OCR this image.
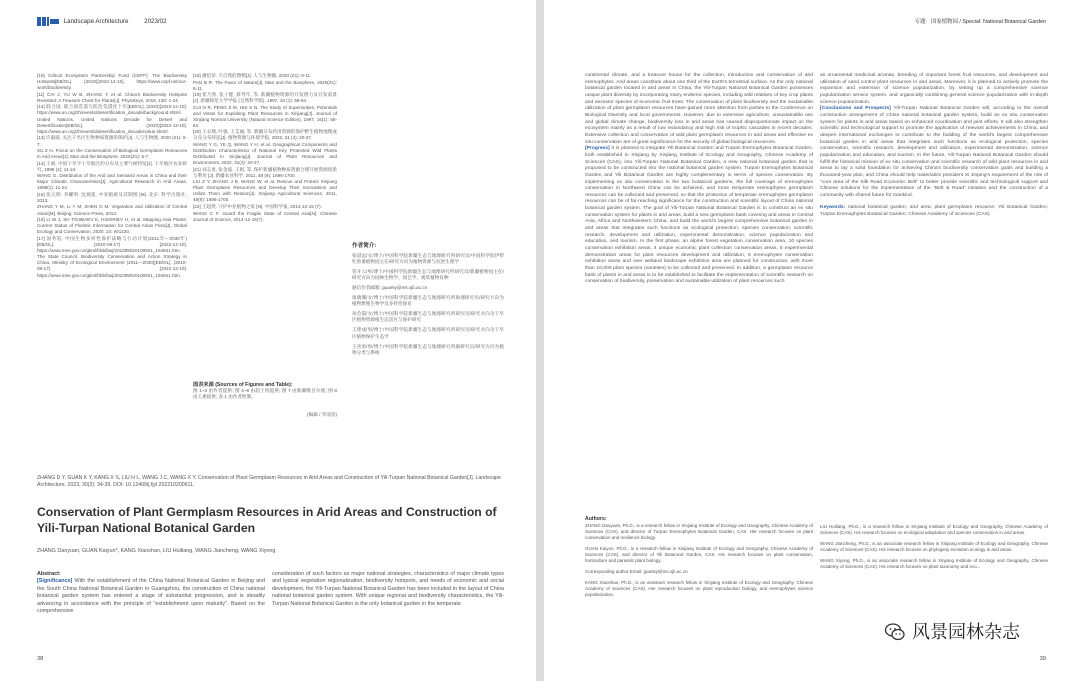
Landscape Architecture	2023/02
[10] Critical Ecosystem Partnership Fund (CEPF). The Biodiversity Hotspots[EB/OL]. (2019)[2022-12-10]. https://www.cepf.net/our-work/biodiversity.
[11] CAI J, YU W B, ZHANG T, et al. China's Biodiversity Hotspots Revisited: A Treasure Chest for Plants[J]. Phytokeys, 2019, 130: 1-24.
[12] 联合国. 联合国荒漠与防治荒漠化十年[EB/OL]. (2020)[2022-12-10]. https://www.un.org/zh/events/desertification_decade/background.shtml.
United Nations. United Nations Decade for Desert and Desertification[EB/OL]. (2020)[2022-12-10]. https://www.un.org/zh/events/desertification_decade/value.shtml.
[13] 许毅波. 关注干旱区生物种质资源的保护[J]. 人与生物圈, 2020 (21): 6-7.
XU Z H. Focus on the Conservation of Biological Germplasm Resources in Arid Areas[J]. Man and the Biosphere, 2020(Z1): 6-7.
[14] 王娟. 中国干旱半干旱地区的分布及主要气候特征[J]. 干旱地区农业研究, 1998 (1): 11-24.
WANG G. Distribution of the Arid and Semiarid Areas in China and their Major Climatic Characteristics[J]. Agricultural Research in Arid Areas, 1998(1): 11-24.
[15] 张元明. 李耀明. 沈观冕. 中亚植被及其制图 [M]. 北京: 科学出版社, 2013.
ZHANG Y M, LI Y M, SHEN G M. Vegetation and Utilization of Central Asian[M]. Beijing: Science Press, 2013.
[16] LI W J, SH TOJIBAEV K, HISORIEV H, et al. Mapping Asia Plants: Current Status of Floristic Information for Central Asian Flora[J]. Global Ecology and Conservation, 2020, 24: e01220.
[17] 国务院. 中国生物多样性保护战略与行动计划(2011年—2030年) [EB/OL]. (2010-09-17) [2022-12-10]. https://www.mee.gov.cn/gkml/hbb/bwj/201009/t20100921_194841.htm.
The State Council. Biodiversity Conservation and Action Strategy in China, Ministry of Ecological Environment (2011—2030)[EB/OL]. (2010-09-17) [2022-12-10]. https://www.mee.gov.cn/gkml/hbb/bwj/201009/t20100921_194841.htm.
[18] 潘伯荣. 大自然的馈赠[J]. 人与生物圈, 2020 (Z1): 8-11.
PAN B R. The Favor of Nature[J]. Man and the Biosphere, 2020(Z1): 8-11.
[19] 崔乃然, 张子健, 蔡寿年, 等. 新疆植物资源的开发潜力及开发前景[J]. 新疆师范大学学报 (自然科学版), 1997, 16 (1): 58-64.
CUI N R, PENG Z M, HUI S N. The Study of Superiorities, Potentials and Vistas for Exploiting Plant Resources in Xinjiang[J]. Journal of Xinjiang Normal University (Natural Science Edition), 1997, 16(1): 58-64.
[20] 王永翔, 叶强, 王艾丽, 等. 新疆分布药用资源的保护野生植物地理成分及分布特征[J]. 植物资源与环境学报, 2022, 31 (4): 20-27.
WANG Y G, YE Q, WANG Y H, et al. Geographical Components and Distribution Characteristics of National Key Protected Wild Plants Distributed in Xinjiang[J]. Journal of Plant Resources and Environment, 2022, 31(4): 20-27.
[21] 刘志勇, 张金波, 王娟, 等. 保护新疆植物种质资源合理开展资源创新与利用 [J]. 新疆农业科学, 2011, 48 (9): 1696-1700.
LIU Z Y, ZHANG J B, WANG W, et al. Rescue and Protect Xinjiang Plant Germplasm Resources and Develop Their Innovations and Utilize Them with Reason[J]. Xinjiang Agricultural Sciences, 2011, 48(9): 1696-1700.
[22] 王超然. 守护中亚植物之家 [N]. 中国科学报, 2014-12-15 (7).
WANG C F. Guard the Fragile State of Central Asia[N]. Chinese Journal of Science, 2014-12-15(7).
图表来源 (Sources of Figures and Table):
图 1~3 由作者提供; 图 4~6 由超土机提供; 图 7 由新疆维吾尔族; 图 8 由王惠提供; 表 1 由作者绘制。
(编辑 / 李清清)
作者简介:
张道远/女/博士/中国科学院新疆生态与地理研究所研究员/中国科学院伊犁吐鲁番植物园主任/研究方向为植物资源与抗逆生理学
管开云/男/博士/中国科学院新疆生态与地理研究所研究员/新疆植物园主任/研究方向为园林生物学、园艺学、观赏植物育种
通信作者邮箱: guanky@ms.xjb.ac.cn
康晓珊/女/博士/中国科学院新疆生态与地理研究所助理研究员/研究方向为植物繁殖生物学及多样性保育
孙会霞/女/博士/中国科学院新疆生态与地理研究所研究员/研究方向为干旱区植物资源植生态适应与保护研究
王建成/男/博士/中国科学院新疆生态与地理研究所研究员/研究方向为干旱区植物保护生态学
王喜勇/男/博士/中国科学院新疆生态与地理研究所副研究员/研究方向为植物分类与系统
ZHANG D Y, GUAN K Y, KANG X S, LIU H L, WANG J C, WANG X Y. Conservation of Plant Germplasm Resources in Arid Areas and Construction of Yili-Turpan National Botanical Garden[J]. Landscape Architecture, 2023, 30(2): 34-39. DOI: 10.12409/j.fjyl.202210200611.
Conservation of Plant Germplasm Resources in Arid Areas and Construction of Yili-Turpan National Botanical Garden
ZHANG Daoyuan, GUAN Kaiyun*, KANG Xiaoshan, LIU Huiliang, WANG Jiancheng, WANG Xiyong
Abstract:
[Significance] With the establishment of the China National Botanical Garden in Beijing and the South China National Botanical Garden in Guangzhou, the construction of China national botanical garden system has entered a stage of substantial progression, and is steadily advancing in accordance with the principle of "establishment upon maturity". Based on the comprehensive
consideration of such factors as major national strategies, characteristics of major climate types and typical vegetation regionalization, biodiversity hotspots, and needs of economic and social development, the Yili-Turpan National Botanical Garden has been included in the layout of China national botanical garden system. With unique regional and biodiversity characteristics, the Yili-Turpan National Botanical Garden is the only botanical garden in the temperate
38
专题：国家植物园 / Special: National Botanical Garden

continental climate, and a treasure house for the collection, introduction and conservation of arid eremophytes. And areas constitute about one third of the Earth's terrestrial surface. As the only national botanical garden located in arid areas in China, the Yili-Turpan National Botanical Garden possesses unique plant diversity by incorporating many endemic species, including wild relatives of key crop plants and ancestor species of economic fruit trees. The conservation of plant biodiversity and the sustainable utilization of plant germplasm resources have gained more attention from parties to the Conference on Biological Diversity and local governments. However, due to extensive agriculture, unsustainable use and global climate change, biodiversity loss in arid areas has caused disproportionate impact on the ecosystem mainly as a result of low redundancy and high risk of trophic cascades in recent decades. Extensive collection and conservation of wild plant germplasm resources in arid areas and effective ex situ conservation are of great significance for the security of global biological resources.

[Progress] It is planned to integrate Yili Botanical Garden and Turpan Eremophytes Botanical Garden, both established in Xinjiang by Xinjiang Institute of Ecology and Geography, Chinese Academy of Sciences (CAS), into Yili-Turpan National Botanical Garden, a new national botanical garden that is proposed to be constructed into the national botanical garden system. Turpan Eremophytes Botanical Garden and Yili Botanical Garden are highly complementary in terms of species conservation. By implementing ex situ conservation in the two botanical gardens, the full coverage of eremophytes conservation in Northwest China can be achieved, and more temperate eremophytes germplasm resources can be collected and preserved, so that the protection of temperate eremophytes germplasm resources can be of far-reaching significance for the construction and scientific layout of China national botanical garden system. The goal of Yili-Turpan National Botanical Garden is to construct an ex situ conservation system for plants in arid areas, build a new germplasm bank covering arid areas in Central Asia, Africa and Northwestern China, and build the world's largest comprehensive botanical garden in arid areas that integrates such functions as ecological protection, species conservation, scientific research, development and utilization, experimental demonstration, science popularization and education, and tourism. In the first phase, an alpine forest vegetation conservation area, 10 species conservation exhibition areas, 4 unique economic plant collection conservation areas, 5 experimental demonstration areas for plant resources development and utilization, 5 eremophytes conservation exhibition areas and over wetland landscape exhibition area are planned for construction, with more than 10,000 plant species (varieties) to be collected and preserved. In addition, a germplasm resource bank of plants in arid areas is to be established to facilitate the implementation of scientific research on conservation of biodiversity, preservation and sustainable utilization of plant resources such

as ornamental medicinal aromas, breeding of important forest fruit resources, and development and utilization of sand control plant resources in arid areas. Moreover, it is planned to actively promote the expansion and extension of science popularization, by setting up a comprehensive science popularization service system, and organically combining general science popularization with in-depth science popularization.

[Conclusions and Prospects] Yili-Turpan National Botanical Garden will, according to the overall construction arrangement of China national botanical garden system, build an ex situ conservation system for plants in arid areas based on enhanced coordination and joint efforts. It will also strengthen scientific and technological support to promote the application of relevant achievements in China, and deepen international exchanges to contribute to the building of the world's largest comprehensive botanical garden in arid areas that integrates such functions as ecological protection, species conservation, scientific research, development and utilization, experimental demonstration, science popularization and education, and tourism. In the future, Yili-Turpan National Botanical Garden should fulfill the historical mission of ex situ conservation and scientific research of wild plant resources in arid areas to lay a solid foundation for achieving China's biodiversity conservation goals and building a thousand-year plan, and China should help materialize president Xi Jinping's requirement of the role of "core area of the Silk Road Economic Belt" to better provide scientific and technological support and Chinese solutions for the implementation of the "Belt & Road" initiative and the construction of a community with shared future for mankind.

Keywords: national botanical garden; arid area; plant germplasm resource; Yili Botanical Garden; Turpan Eremophytes Botanical Garden; Chinese Academy of Sciences (CAS)

Authors:
ZHANG Daoyuan, Ph.D., is a research fellow in Xinjiang Institute of Ecology and Geography, Chinese Academy of Sciences (CAS), and director of Turpan Eremophytes Botanical Garden, CAS. Her research focuses on plant conservation and resilience biology.
GUAN Kaiyun, Ph.D., is a research fellow in Xinjiang Institute of Ecology and Geography, Chinese Academy of Sciences (CAS), and director of Yili Botanical Garden, CAS. His research focuses on plant conservation, horticulture and parasitic plant biology.
Corresponding author Email: guanky@ms.xjb.ac.cn
KANG Xiaoshan, Ph.D., is an assistant research fellow in Xinjiang Institute of Ecology and Geography, Chinese Academy of Sciences (CAS). Her research focuses on plant reproduction biology, and eremophytes science popularization.
LIU Huiliang, Ph.D., is a research fellow in Xinjiang Institute of Ecology and Geography, Chinese Academy of Sciences (CAS). His research focuses on ecological adaptation and species conservation in arid areas.
WANG Jiancheng, Ph.D., is an associate research fellow in Xinjiang Institute of Ecology and Geography, Chinese Academy of Sciences (CAS). His research focuses on phylogeny evolution ecology in arid areas.
WANG Xiyong, Ph.D., is an associate research fellow in Xinjiang Institute of Ecology and Geography, Chinese Academy of Sciences (CAS). His research focuses on plant taxonomy and eco...
风景园林杂志
39
